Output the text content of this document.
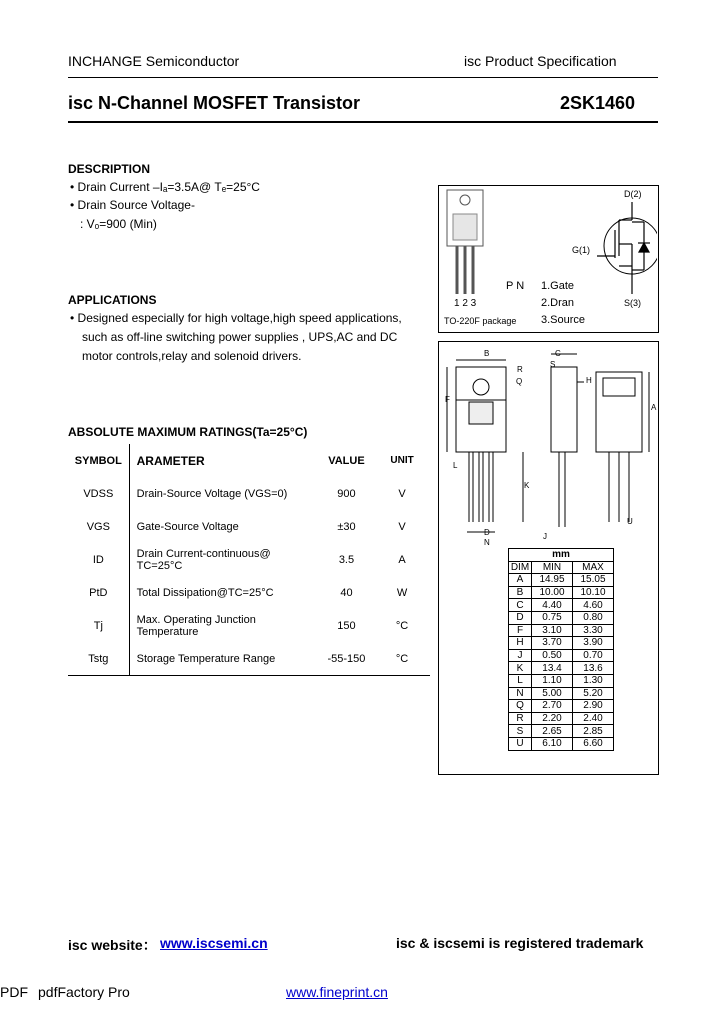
INCHANGE Semiconductor	isc Product Specification
isc N-Channel MOSFET Transistor	2SK1460
DESCRIPTION
• Drain Current –Iₐ=3.5A@ Tₑ=25°C
• Drain Source Voltage-
: Vₒ=900 (Min)
APPLICATIONS
• Designed especially for high voltage,high speed applications,
such as off-line switching power supplies , UPS,AC and DC
motor controls,relay and solenoid drivers.
ABSOLUTE MAXIMUM RATINGS(Ta=25°C)
SYMBOL	ARAMETER	VALUE	UNIT
VDSS	Drain-Source Voltage (VGS=0)	900	V
VGS	Gate-Source Voltage	±30	V
ID	Drain Current-continuous@ TC=25°C	3.5	A
PtD	Total Dissipation@TC=25°C	40	W
Tj	Max. Operating Junction Temperature	150	°C
Tstg	Storage Temperature Range	-55-150	°C
D(2)
G(1)
S(3)
P N 1.Gate
2.Dran
3.Source
1 2 3
TO-220F package
B	C
S
R
Q
F
H
A
L
K
D
N
J
U
mm		
DIM	MIN	MAX
A	14.95	15.05
B	10.00	10.10
C	4.40	4.60
D	0.75	0.80
F	3.10	3.30
H	3.70	3.90
J	0.50	0.70
K	13.4	13.6
L	1.10	1.30
N	5.00	5.20
Q	2.70	2.90
R	2.20	2.40
S	2.65	2.85
U	6.10	6.60
isc website： www.iscsemi.cn	isc & iscsemi is registered trademark
PDF pdfFactory Pro	www.fineprint.cn
